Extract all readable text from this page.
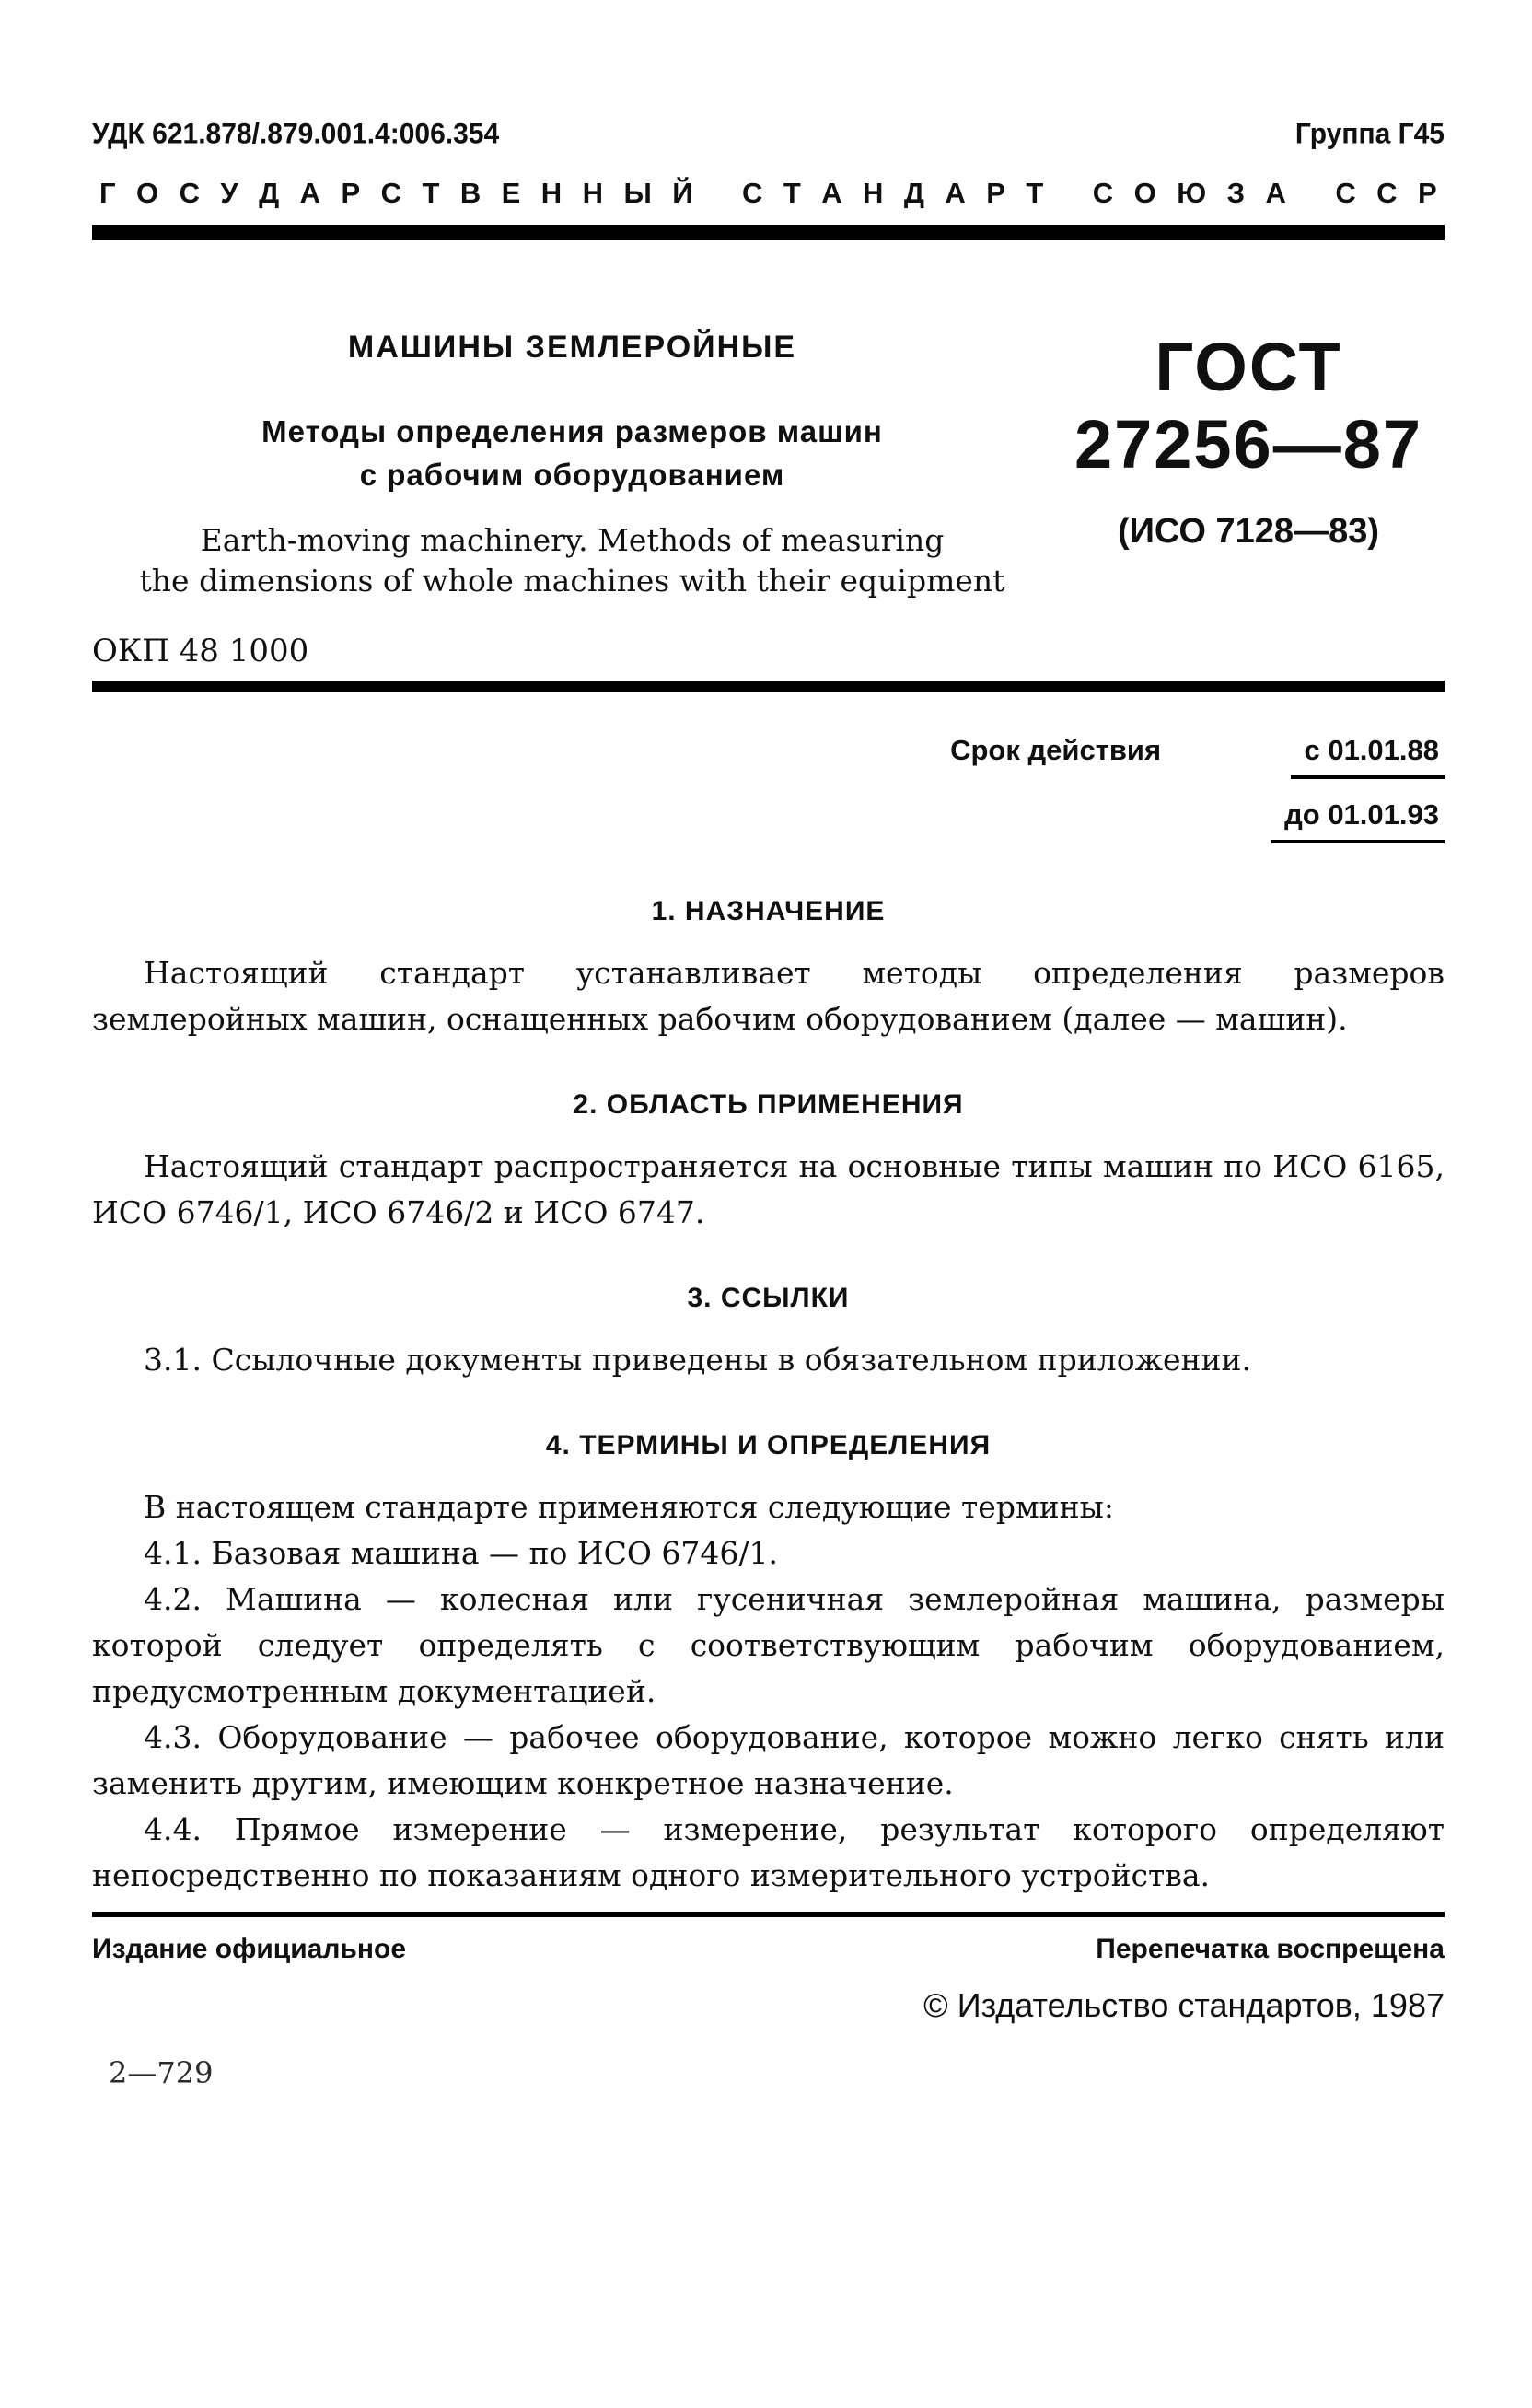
УДК 621.878/.879.001.4:006.354	Группа Г45
Г О С У Д А Р С Т В Е Н Н Ы Й
С Т А Н Д А Р Т
С О Ю З А
С С Р
МАШИНЫ ЗЕМЛЕРОЙНЫЕ
Методы определения размеров машин
с рабочим оборудованием
Earth-moving machinery. Methods of measuring
the dimensions of whole machines with their equipment
ГОСТ
27256—87
(ИСО 7128—83)
ОКП 48 1000
Срок действия	с 01.01.88
до 01.01.93
1. НАЗНАЧЕНИЕ

Настоящий стандарт устанавливает методы определения размеров землеройных машин, оснащенных рабочим оборудованием (далее — машин).

2. ОБЛАСТЬ ПРИМЕНЕНИЯ

Настоящий стандарт распространяется на основные типы машин по ИСО 6165, ИСО 6746/1, ИСО 6746/2 и ИСО 6747.

3. ССЫЛКИ

3.1. Ссылочные документы приведены в обязательном приложении.

4. ТЕРМИНЫ И ОПРЕДЕЛЕНИЯ

В настоящем стандарте применяются следующие термины:

4.1. Базовая машина — по ИСО 6746/1.

4.2. Машина — колесная или гусеничная землеройная машина, размеры которой следует определять с соответствующим рабочим оборудованием, предусмотренным документацией.

4.3. Оборудование — рабочее оборудование, которое можно легко снять или заменить другим, имеющим конкретное назначение.

4.4. Прямое измерение — измерение, результат которого определяют непосредственно по показаниям одного измерительного устройства.

Издание официальное	Перепечатка воспрещена
© Издательство стандартов, 1987
2—729
